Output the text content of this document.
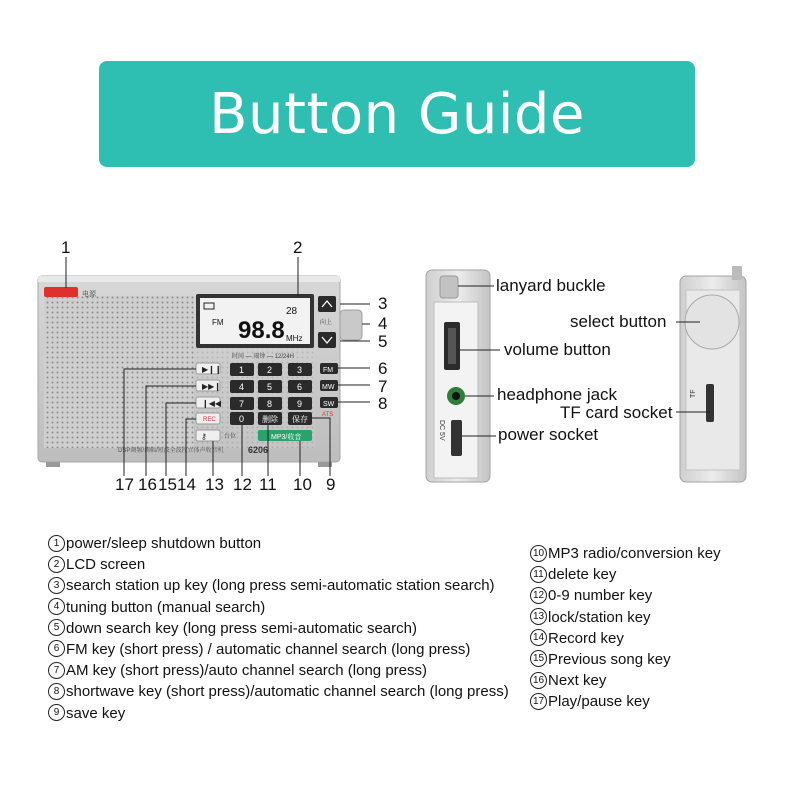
Button Guide
电源
FM 98.8 MHz
28
向上
时间 — 闹钟 — 12/24H
▶❙❙
▶▶❙
❙◀◀
REC
⚷	台位
1	2	3
4	5	6
7	8	9
0 删除 保存
FM
MW
SW
ATS
MP3/收音
DSP调频/调幅/短波全波段立体声收音机	6206
1	2
3
4
5
6
7
8
17 16 15 14 13 12 11 10 9
DC 5V
TF
lanyard buckle
volume button
headphone jack
power socket
select button
TF card socket
1 power/sleep shutdown button
2 LCD screen
3 search station up key (long press semi-automatic station search)
4 tuning button (manual search)
5 down search key (long press semi-automatic search)
6 FM key (short press) / automatic channel search (long press)
7 AM key (short press)/auto channel search (long press)
8 shortwave key (short press)/automatic channel search (long press)
9 save key
10 MP3 radio/conversion key
11 delete key
12 0-9 number key
13 lock/station key
14 Record key
15 Previous song key
16 Next key
17 Play/pause key
